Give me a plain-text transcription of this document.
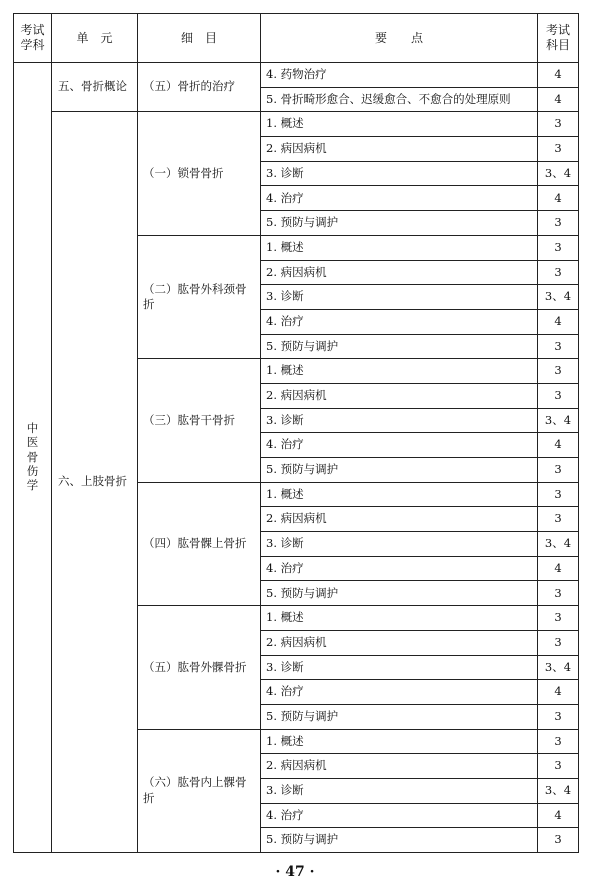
考试学科	单　元	细　目	要　　点	考试科目
中医骨伤学	五、骨折概论	（五）骨折的治疗	4. 药物治疗	4
			5. 骨折畸形愈合、迟缓愈合、不愈合的处理原则	4
	六、上肢骨折	（一）锁骨骨折	1. 概述	3
			2. 病因病机	3
			3. 诊断	3、4
			4. 治疗	4
			5. 预防与调护	3
		（二）肱骨外科颈骨折	1. 概述	3
			2. 病因病机	3
			3. 诊断	3、4
			4. 治疗	4
			5. 预防与调护	3
		（三）肱骨干骨折	1. 概述	3
			2. 病因病机	3
			3. 诊断	3、4
			4. 治疗	4
			5. 预防与调护	3
		（四）肱骨髁上骨折	1. 概述	3
			2. 病因病机	3
			3. 诊断	3、4
			4. 治疗	4
			5. 预防与调护	3
		（五）肱骨外髁骨折	1. 概述	3
			2. 病因病机	3
			3. 诊断	3、4
			4. 治疗	4
			5. 预防与调护	3
		（六）肱骨内上髁骨折	1. 概述	3
			2. 病因病机	3
			3. 诊断	3、4
			4. 治疗	4
			5. 预防与调护	3
· 47 ·
